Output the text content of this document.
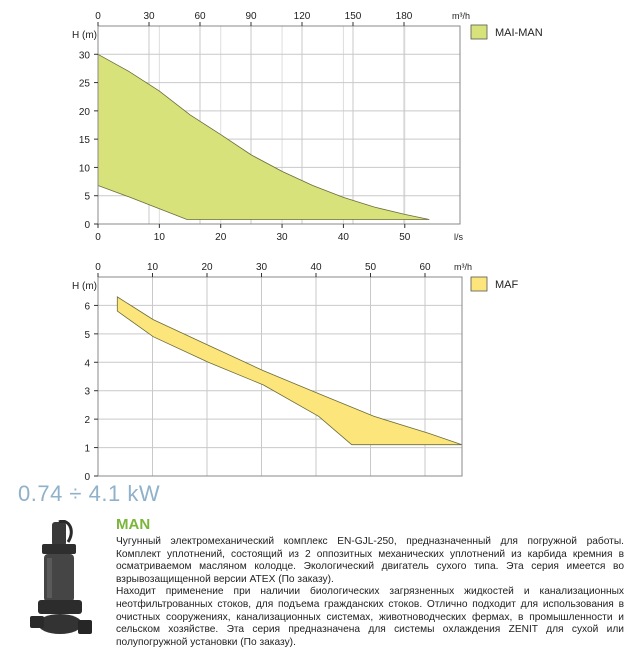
0
5
10
15
20
25
30
H (m)
0	30	60	90	120	150	180	m³/h
0	10	20	30	40	50	l/s
MAI-MAN
0
1
2
3
4
5
6
H (m)
0	10	20	30	40	50	60	m³/h
MAF
0.74 ÷ 4.1 kW
MAN

Чугунный электромеханический комплекс EN-GJL-250, предназначенный для погружной работы. Комплект уплотнений, состоящий из 2 оппозитных механических уплотнений из карбида кремния в осматриваемом масляном колодце. Экологический двигатель сухого типа. Эта серия имеется во взрывозащищенной версии ATEX (По заказу).

Находит применение при наличии биологических загрязненных жидкостей и канализационных неотфильтрованных стоков, для подъема гражданских стоков. Отлично подходит для использования в очистных сооружениях, канализационных системах, животноводческих фермах, в промышленности и сельском хозяйстве. Эта серия предназначена для системы охлаждения ZENIT для сухой или полупогружной установки (По заказу).
